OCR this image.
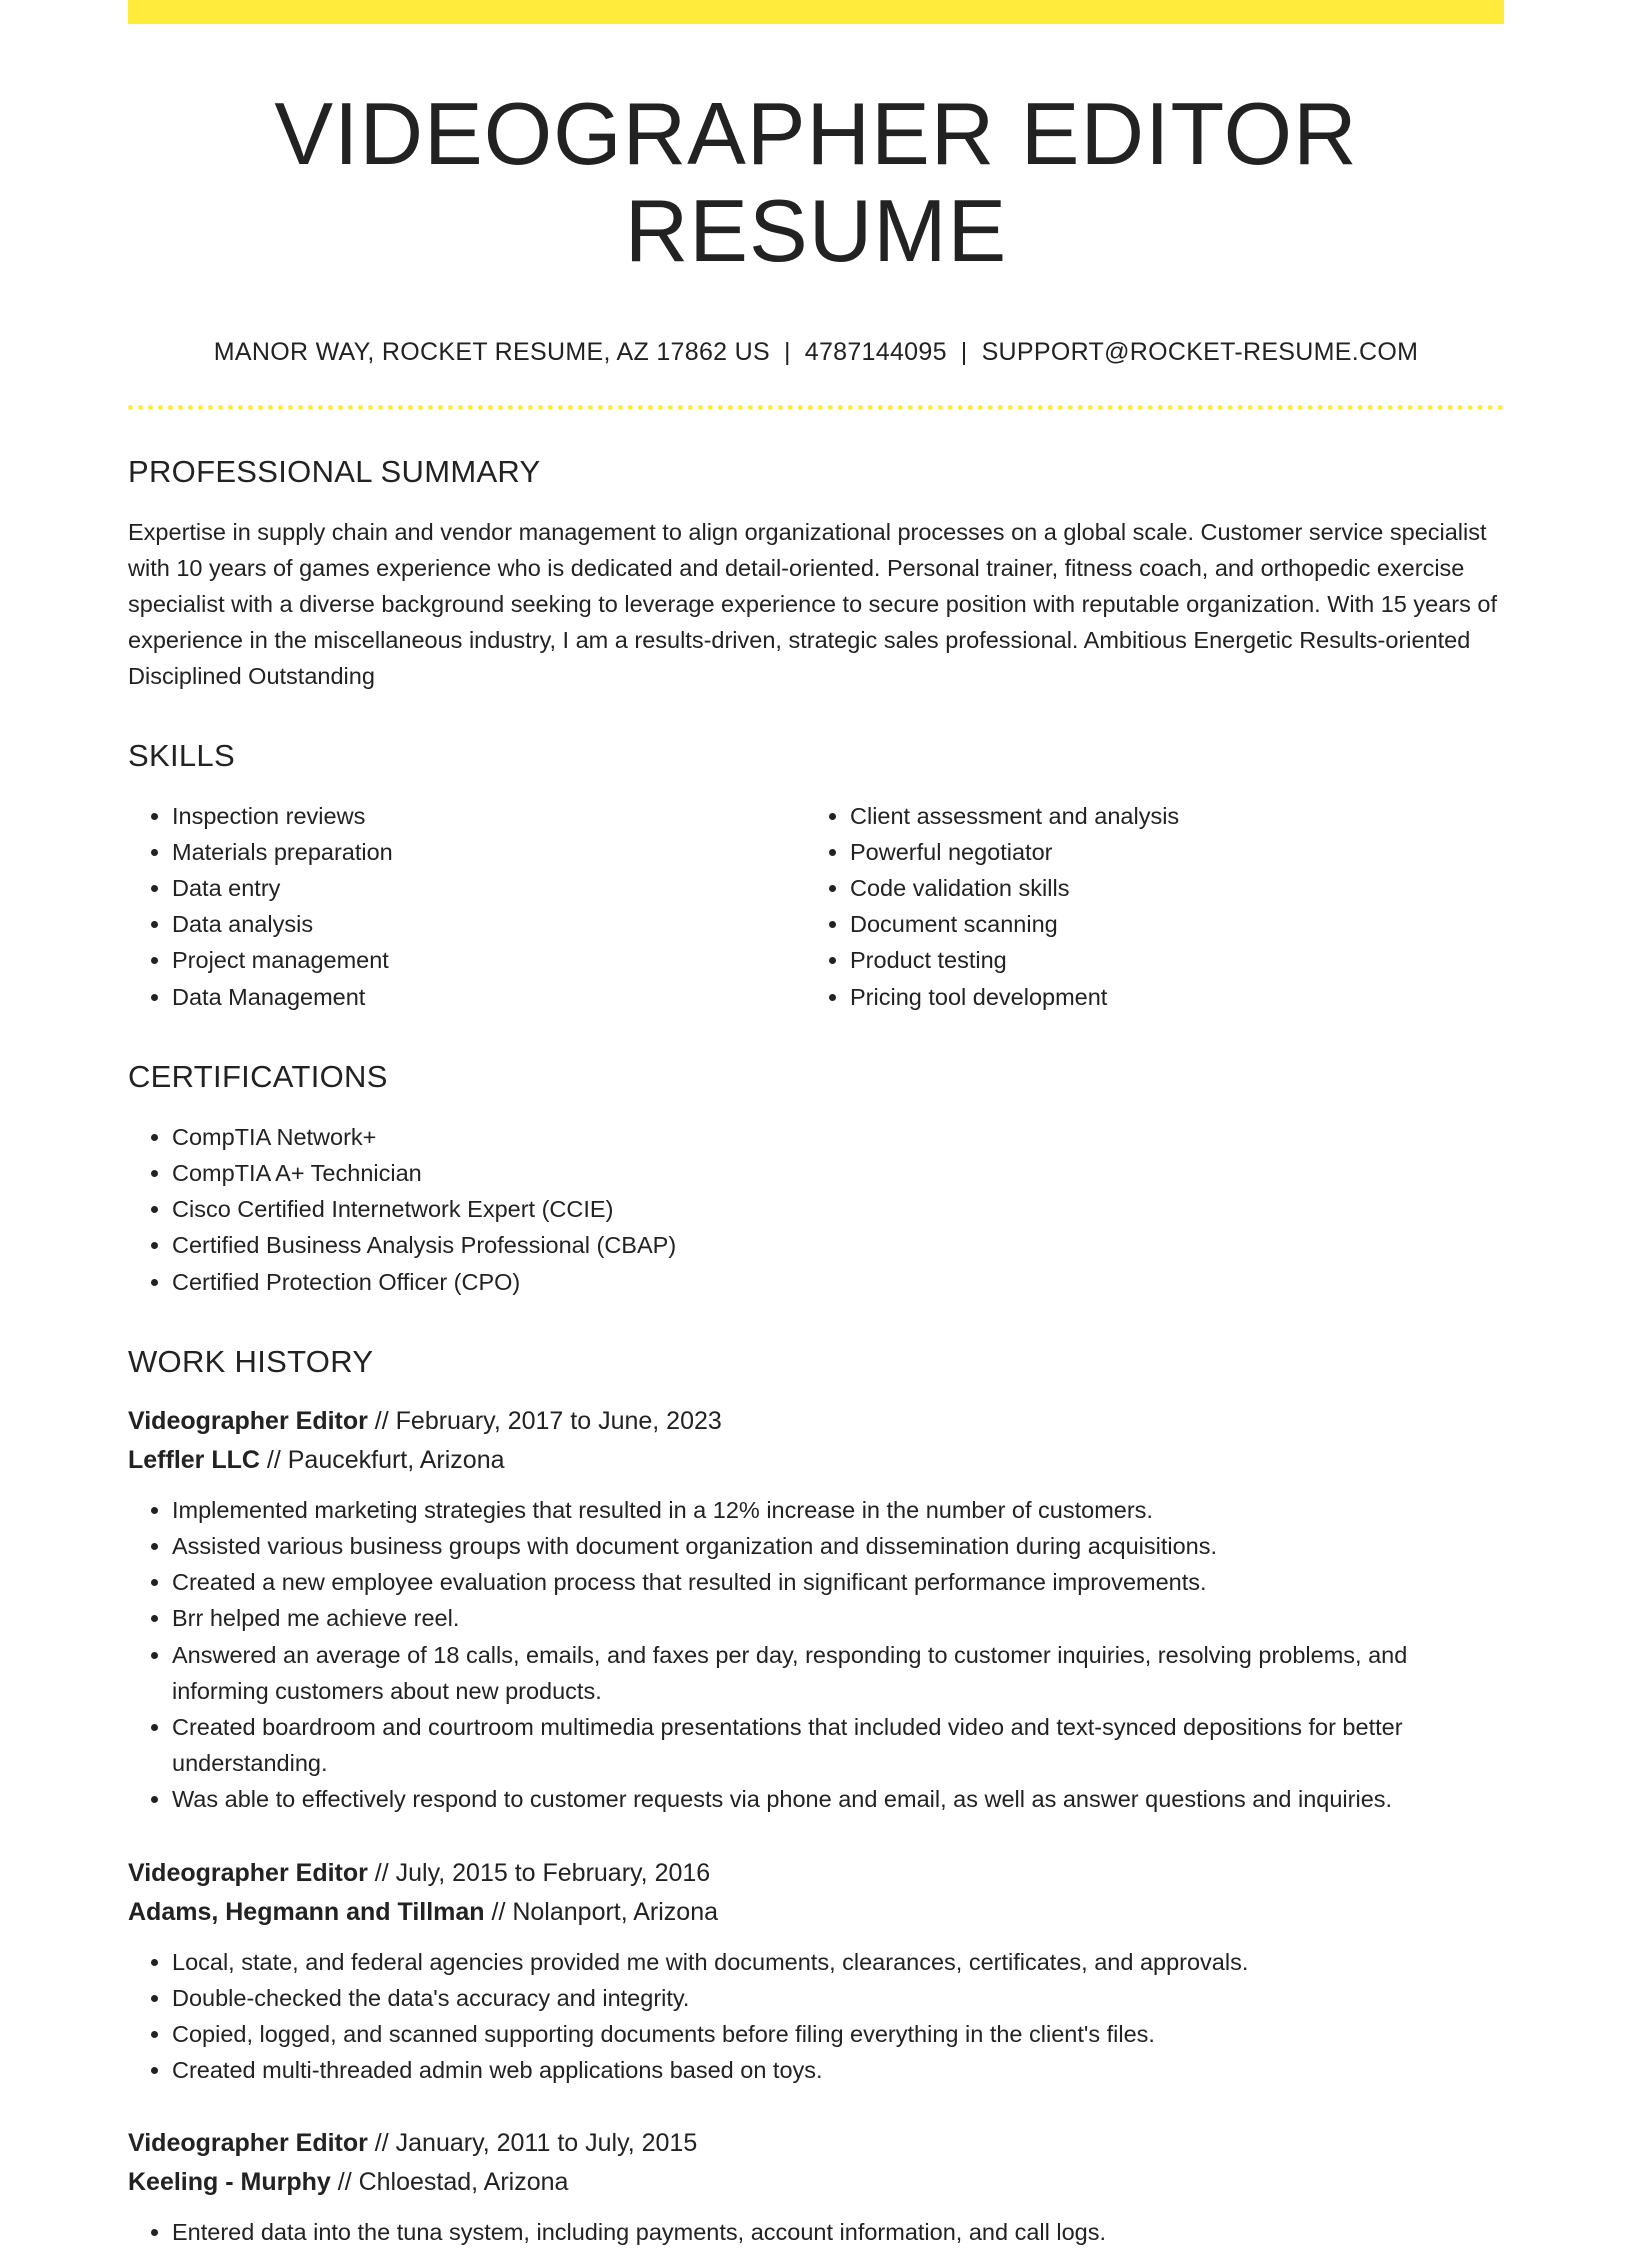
VIDEOGRAPHER EDITOR RESUME
MANOR WAY, ROCKET RESUME, AZ 17862 US | 4787144095 | SUPPORT@ROCKET-RESUME.COM
PROFESSIONAL SUMMARY
Expertise in supply chain and vendor management to align organizational processes on a global scale. Customer service specialist with 10 years of games experience who is dedicated and detail-oriented. Personal trainer, fitness coach, and orthopedic exercise specialist with a diverse background seeking to leverage experience to secure position with reputable organization. With 15 years of experience in the miscellaneous industry, I am a results-driven, strategic sales professional. Ambitious Energetic Results-oriented Disciplined Outstanding
SKILLS
• Inspection reviews
• Materials preparation
• Data entry
• Data analysis
• Project management
• Data Management
• Client assessment and analysis
• Powerful negotiator
• Code validation skills
• Document scanning
• Product testing
• Pricing tool development
CERTIFICATIONS
• CompTIA Network+
• CompTIA A+ Technician
• Cisco Certified Internetwork Expert (CCIE)
• Certified Business Analysis Professional (CBAP)
• Certified Protection Officer (CPO)
WORK HISTORY
Videographer Editor // February, 2017 to June, 2023
Leffler LLC // Paucekfurt, Arizona
• Implemented marketing strategies that resulted in a 12% increase in the number of customers.
• Assisted various business groups with document organization and dissemination during acquisitions.
• Created a new employee evaluation process that resulted in significant performance improvements.
• Brr helped me achieve reel.
• Answered an average of 18 calls, emails, and faxes per day, responding to customer inquiries, resolving problems, and informing customers about new products.
• Created boardroom and courtroom multimedia presentations that included video and text-synced depositions for better understanding.
• Was able to effectively respond to customer requests via phone and email, as well as answer questions and inquiries.
Videographer Editor // July, 2015 to February, 2016
Adams, Hegmann and Tillman // Nolanport, Arizona
• Local, state, and federal agencies provided me with documents, clearances, certificates, and approvals.
• Double-checked the data's accuracy and integrity.
• Copied, logged, and scanned supporting documents before filing everything in the client's files.
• Created multi-threaded admin web applications based on toys.
Videographer Editor // January, 2011 to July, 2015
Keeling - Murphy // Chloestad, Arizona
• Entered data into the tuna system, including payments, account information, and call logs.
